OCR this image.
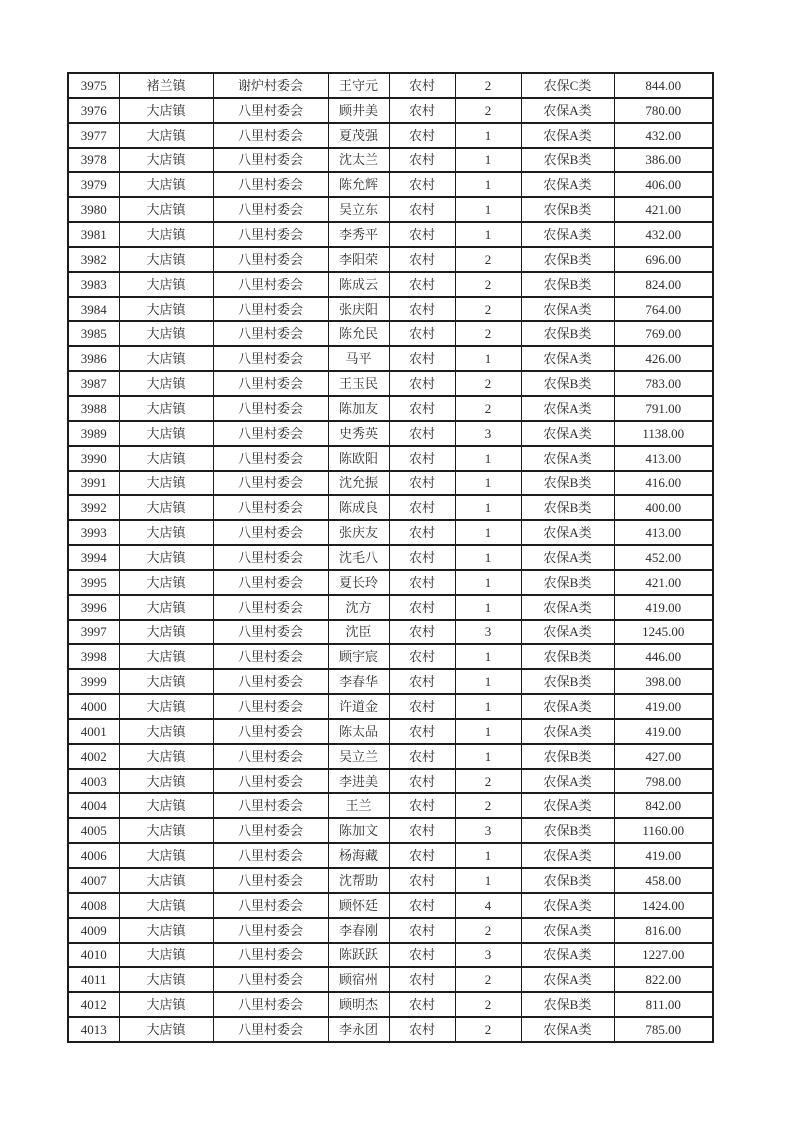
3975	褚兰镇	谢炉村委会	王守元	农村	2	农保C类	844.00
3976	大店镇	八里村委会	顾井美	农村	2	农保A类	780.00
3977	大店镇	八里村委会	夏茂强	农村	1	农保A类	432.00
3978	大店镇	八里村委会	沈太兰	农村	1	农保B类	386.00
3979	大店镇	八里村委会	陈允辉	农村	1	农保A类	406.00
3980	大店镇	八里村委会	吴立东	农村	1	农保B类	421.00
3981	大店镇	八里村委会	李秀平	农村	1	农保A类	432.00
3982	大店镇	八里村委会	李阳荣	农村	2	农保B类	696.00
3983	大店镇	八里村委会	陈成云	农村	2	农保B类	824.00
3984	大店镇	八里村委会	张庆阳	农村	2	农保A类	764.00
3985	大店镇	八里村委会	陈允民	农村	2	农保B类	769.00
3986	大店镇	八里村委会	马平	农村	1	农保A类	426.00
3987	大店镇	八里村委会	王玉民	农村	2	农保B类	783.00
3988	大店镇	八里村委会	陈加友	农村	2	农保A类	791.00
3989	大店镇	八里村委会	史秀英	农村	3	农保A类	1138.00
3990	大店镇	八里村委会	陈欧阳	农村	1	农保A类	413.00
3991	大店镇	八里村委会	沈允振	农村	1	农保B类	416.00
3992	大店镇	八里村委会	陈成良	农村	1	农保B类	400.00
3993	大店镇	八里村委会	张庆友	农村	1	农保A类	413.00
3994	大店镇	八里村委会	沈毛八	农村	1	农保A类	452.00
3995	大店镇	八里村委会	夏长玲	农村	1	农保B类	421.00
3996	大店镇	八里村委会	沈方	农村	1	农保A类	419.00
3997	大店镇	八里村委会	沈臣	农村	3	农保A类	1245.00
3998	大店镇	八里村委会	顾宇宸	农村	1	农保B类	446.00
3999	大店镇	八里村委会	李春华	农村	1	农保B类	398.00
4000	大店镇	八里村委会	许道金	农村	1	农保A类	419.00
4001	大店镇	八里村委会	陈太品	农村	1	农保A类	419.00
4002	大店镇	八里村委会	吴立兰	农村	1	农保B类	427.00
4003	大店镇	八里村委会	李进美	农村	2	农保A类	798.00
4004	大店镇	八里村委会	王兰	农村	2	农保A类	842.00
4005	大店镇	八里村委会	陈加文	农村	3	农保B类	1160.00
4006	大店镇	八里村委会	杨海藏	农村	1	农保A类	419.00
4007	大店镇	八里村委会	沈帮助	农村	1	农保B类	458.00
4008	大店镇	八里村委会	顾怀廷	农村	4	农保A类	1424.00
4009	大店镇	八里村委会	李春刚	农村	2	农保A类	816.00
4010	大店镇	八里村委会	陈跃跃	农村	3	农保A类	1227.00
4011	大店镇	八里村委会	顾宿州	农村	2	农保A类	822.00
4012	大店镇	八里村委会	顾明杰	农村	2	农保B类	811.00
4013	大店镇	八里村委会	李永团	农村	2	农保A类	785.00
